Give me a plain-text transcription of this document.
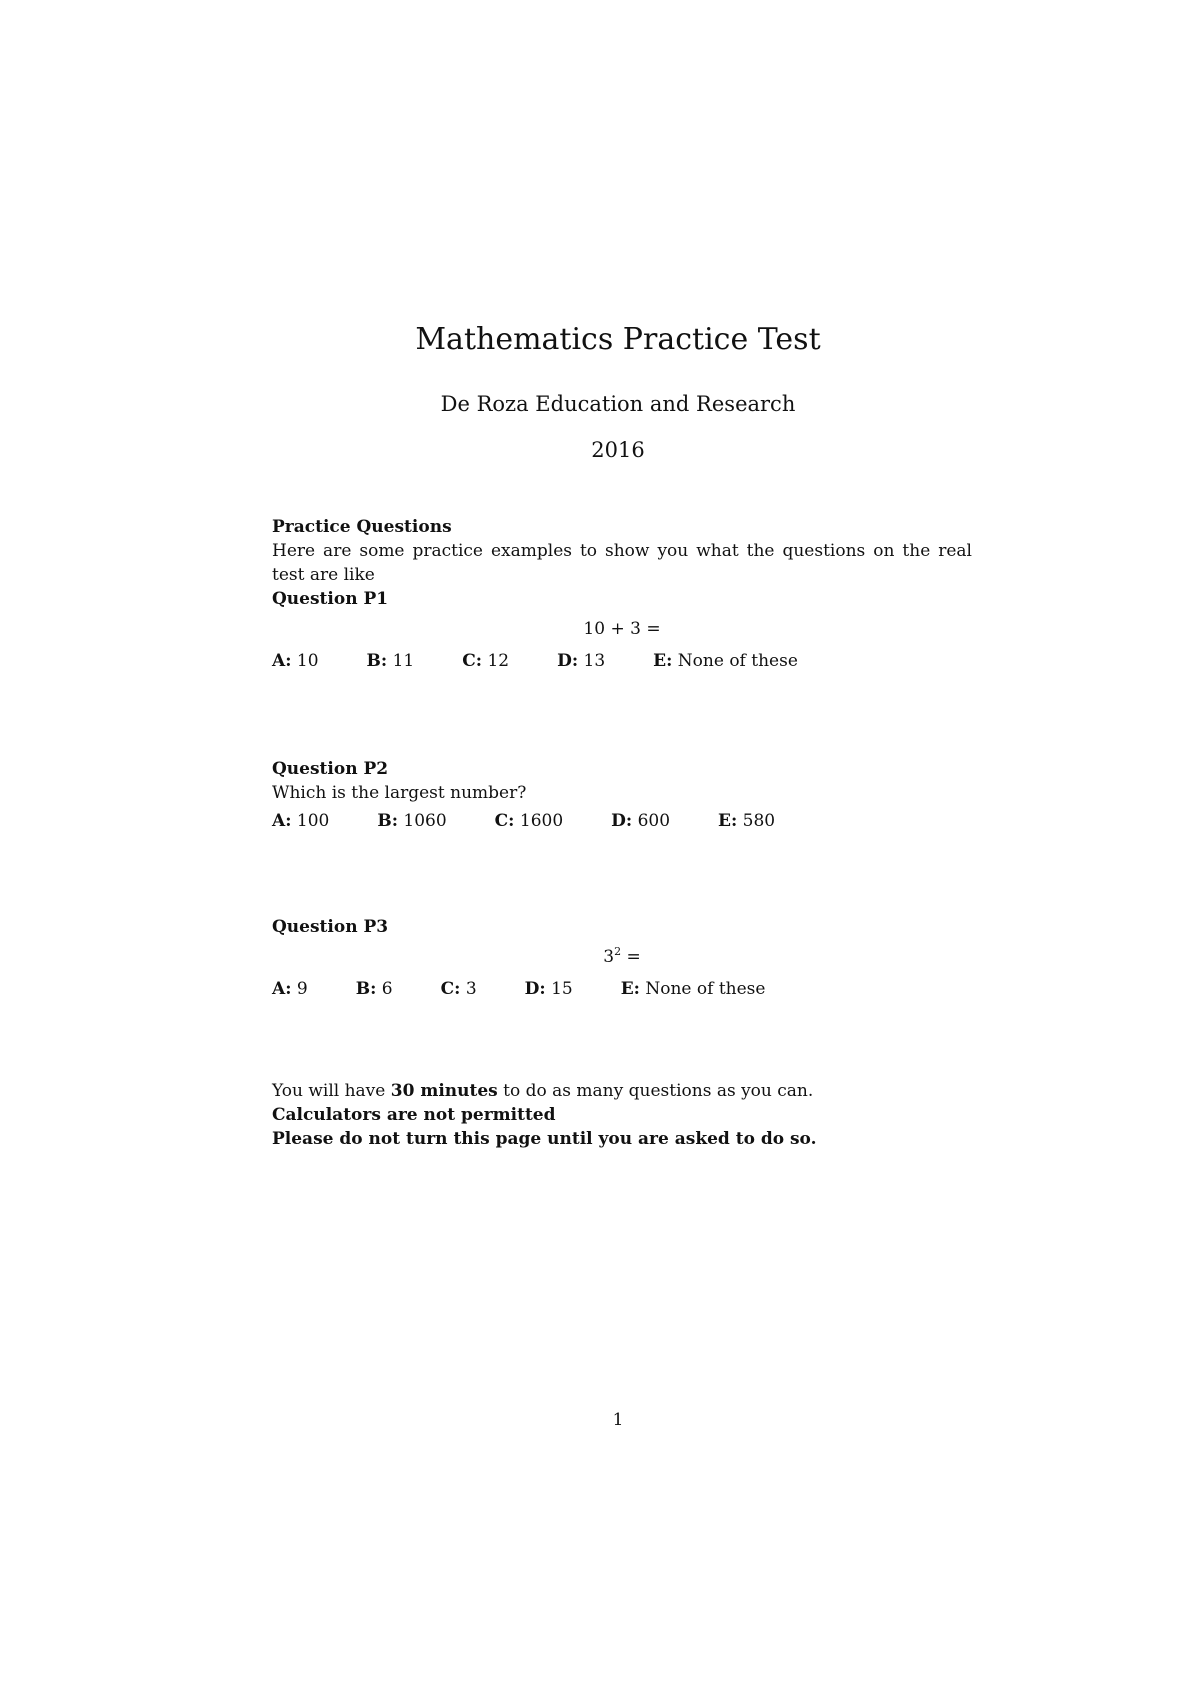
Mathematics Practice Test
De Roza Education and Research
2016
Practice Questions

Here are some practice examples to show you what the questions on the real test are like

Question P1
10 + 3 =
A: 10	B: 11	C: 12	D: 13	E: None of these
Question P2
Which is the largest number?
A: 100	B: 1060	C: 1600	D: 600	E: 580
Question P3
$3^2$ =
A: 9	B: 6	C: 3	D: 15	E: None of these
You will have 30 minutes to do as many questions as you can.
Calculators are not permitted
Please do not turn this page until you are asked to do so.
1
